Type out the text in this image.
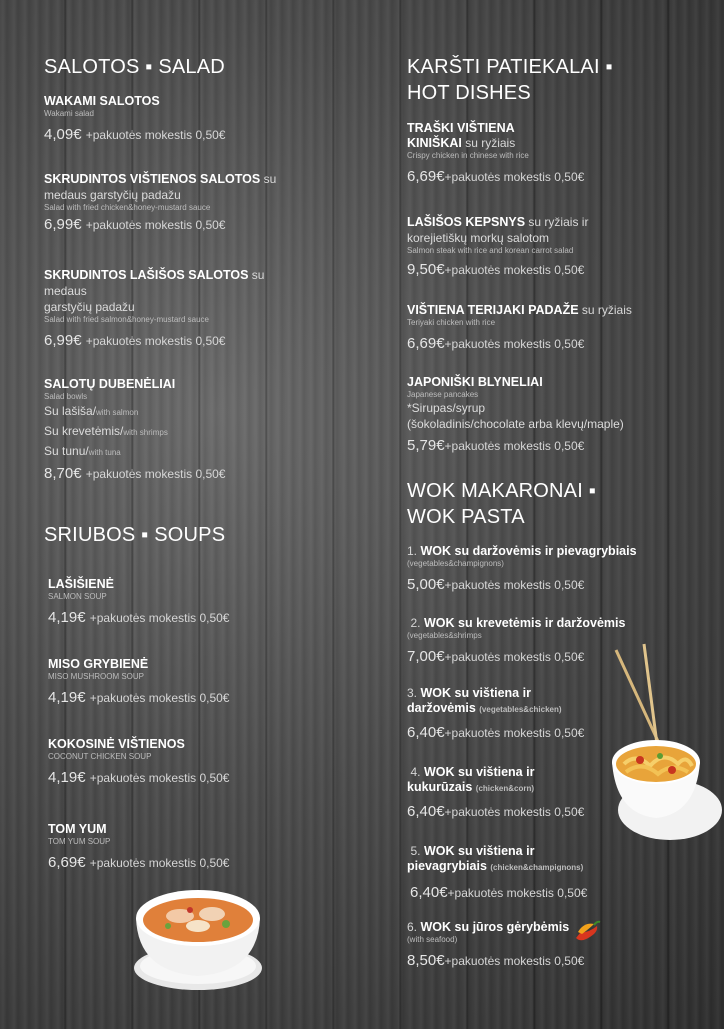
SALOTOS ▪ SALAD
WAKAMI SALOTOS
Wakami salad
4,09€ +pakuotės mokestis 0,50€
SKRUDINTOS VIŠTIENOS SALOTOS su
medaus garstyčių padažu
Salad with fried chicken&honey-mustard sauce
6,99€ +pakuotės mokestis 0,50€
SKRUDINTOS LAŠIŠOS SALOTOS su
medaus
garstyčių padažu
Salad with fried salmon&honey-mustard sauce
6,99€ +pakuotės mokestis 0,50€
SALOTŲ DUBENĖLIAI
Salad bowls
Su lašiša/with salmon
Su krevetėmis/with shrimps
Su tunu/with tuna
8,70€ +pakuotės mokestis 0,50€
SRIUBOS ▪ SOUPS
LAŠIŠIENĖ
SALMON SOUP
4,19€ +pakuotės mokestis 0,50€
MISO GRYBIENĖ
MISO MUSHROOM SOUP
4,19€ +pakuotės mokestis 0,50€
KOKOSINĖ VIŠTIENOS
COCONUT CHICKEN SOUP
4,19€ +pakuotės mokestis 0,50€
TOM YUM
TOM YUM SOUP
6,69€ +pakuotės mokestis 0,50€
KARŠTI PATIEKALAI ▪
HOT DISHES
TRAŠKI VIŠTIENA
KINIŠKAI su ryžiais
Crispy chicken in chinese with rice
6,69€+pakuotės mokestis 0,50€
LAŠIŠOS KEPSNYS su ryžiais ir
korejietiškų morkų salotom
Salmon steak with rice and korean carrot salad
9,50€+pakuotės mokestis 0,50€
VIŠTIENA TERIJAKI PADAŽE su ryžiais
Teriyaki chicken with rice
6,69€+pakuotės mokestis 0,50€
JAPONIŠKI BLYNELIAI
Japanese pancakes
*Sirupas/syrup
(šokoladinis/chocolate arba klevų/maple)
5,79€+pakuotės mokestis 0,50€
WOK MAKARONAI ▪
WOK PASTA
1. WOK su daržovėmis ir pievagrybiais
(vegetables&champignons)
5,00€+pakuotės mokestis 0,50€
2. WOK su krevetėmis ir daržovėmis
(vegetables&shrimps
7,00€+pakuotės mokestis 0,50€
3. WOK su vištiena ir
daržovėmis (vegetables&chicken)
6,40€+pakuotės mokestis 0,50€
4. WOK su vištiena ir
kukurūzais (chicken&corn)
6,40€+pakuotės mokestis 0,50€
5. WOK su vištiena ir
pievagrybiais (chicken&champignons)
6,40€+pakuotės mokestis 0,50€
6. WOK su jūros gėrybėmis
(with seafood)
8,50€+pakuotės mokestis 0,50€
